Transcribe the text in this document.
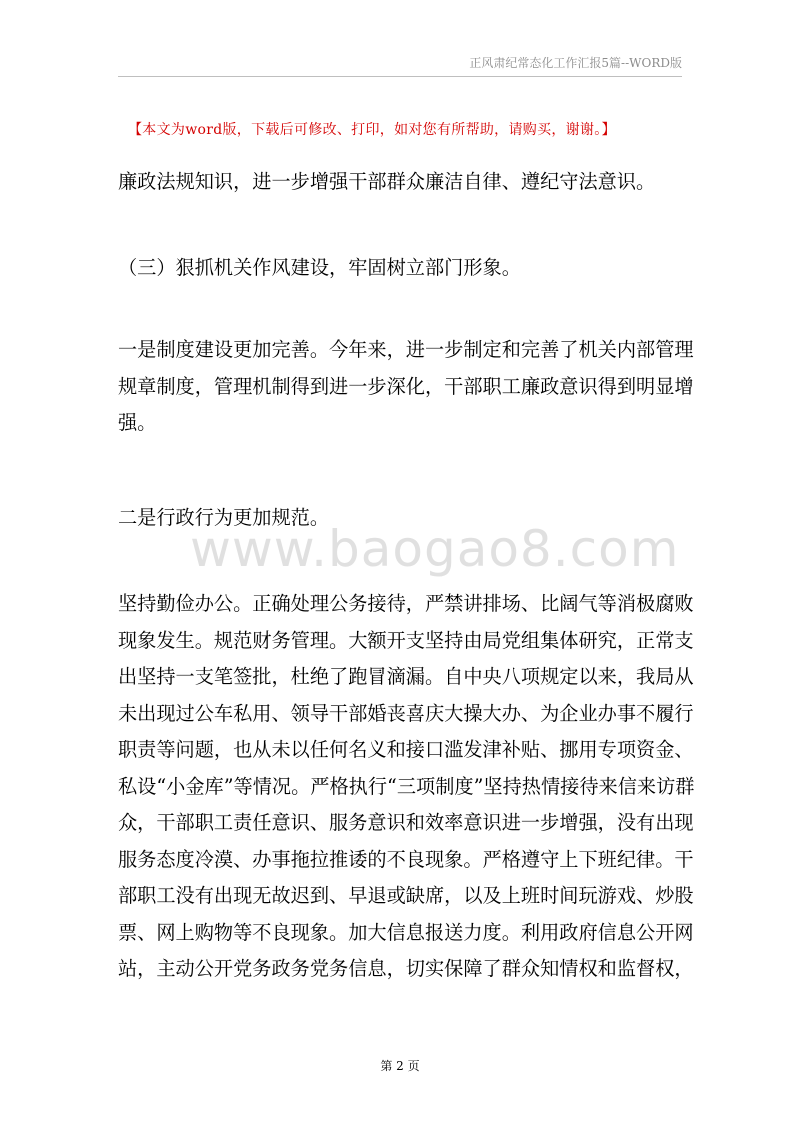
正风肃纪常态化工作汇报5篇--WORD版
【本文为word版，下载后可修改、打印，如对您有所帮助，请购买，谢谢。】
www.baogao8.com
廉政法规知识，进一步增强干部群众廉洁自律、遵纪守法意识。
（三）狠抓机关作风建设，牢固树立部门形象。
一是制度建设更加完善。今年来，进一步制定和完善了机关内部管理
规章制度，管理机制得到进一步深化，干部职工廉政意识得到明显增
强。
二是行政行为更加规范。
坚持勤俭办公。正确处理公务接待，严禁讲排场、比阔气等消极腐败
现象发生。规范财务管理。大额开支坚持由局党组集体研究，正常支
出坚持一支笔签批，杜绝了跑冒滴漏。自中央八项规定以来，我局从
未出现过公车私用、领导干部婚丧喜庆大操大办、为企业办事不履行
职责等问题，也从未以任何名义和接口滥发津补贴、挪用专项资金、
私设“小金库”等情况。严格执行“三项制度”坚持热情接待来信来访群
众，干部职工责任意识、服务意识和效率意识进一步增强，没有出现
服务态度冷漠、办事拖拉推诿的不良现象。严格遵守上下班纪律。干
部职工没有出现无故迟到、早退或缺席，以及上班时间玩游戏、炒股
票、网上购物等不良现象。加大信息报送力度。利用政府信息公开网
站，主动公开党务政务党务信息，切实保障了群众知情权和监督权，
第 2 页
